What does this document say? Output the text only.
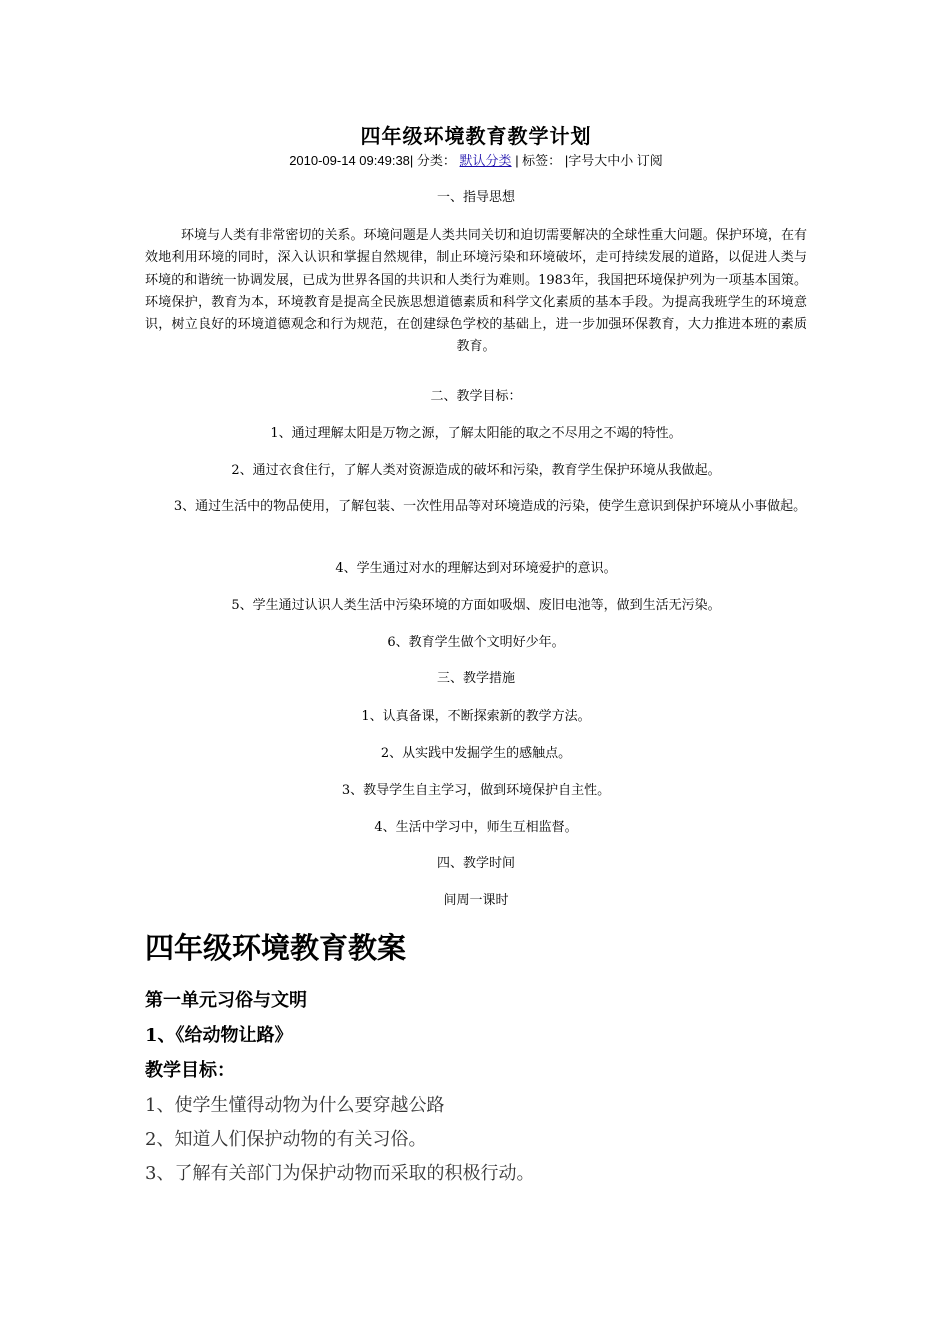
四年级环境教育教学计划
2010-09-14 09:49:38| 分类： 默认分类 | 标签： |字号大中小 订阅
一、指导思想
环境与人类有非常密切的关系。环境问题是人类共同关切和迫切需要解决的全球性重大问题。保护环境，在有效地利用环境的同时，深入认识和掌握自然规律，制止环境污染和环境破坏，走可持续发展的道路，以促进人类与环境的和谐统一协调发展，已成为世界各国的共识和人类行为难则。1983年，我国把环境保护列为一项基本国策。环境保护，教育为本，环境教育是提高全民族思想道德素质和科学文化素质的基本手段。为提高我班学生的环境意识，树立良好的环境道德观念和行为规范，在创建绿色学校的基础上，进一步加强环保教育，大力推进本班的素质教育。
二、教学目标：
1、通过理解太阳是万物之源，了解太阳能的取之不尽用之不竭的特性。
2、通过衣食住行，了解人类对资源造成的破坏和污染，教育学生保护环境从我做起。
3、通过生活中的物品使用，了解包装、一次性用品等对环境造成的污染，使学生意识到保护环境从小事做起。
4、学生通过对水的理解达到对环境爱护的意识。
5、学生通过认识人类生活中污染环境的方面如吸烟、废旧电池等，做到生活无污染。
6、教育学生做个文明好少年。
三、教学措施
1、认真备课，不断探索新的教学方法。
2、从实践中发掘学生的感触点。
3、教导学生自主学习，做到环境保护自主性。
4、生活中学习中，师生互相监督。
四、教学时间
间周一课时
四年级环境教育教案
第一单元习俗与文明
1、《给动物让路》
教学目标：

1、使学生懂得动物为什么要穿越公路

2、知道人们保护动物的有关习俗。

3、了解有关部门为保护动物而采取的积极行动。
